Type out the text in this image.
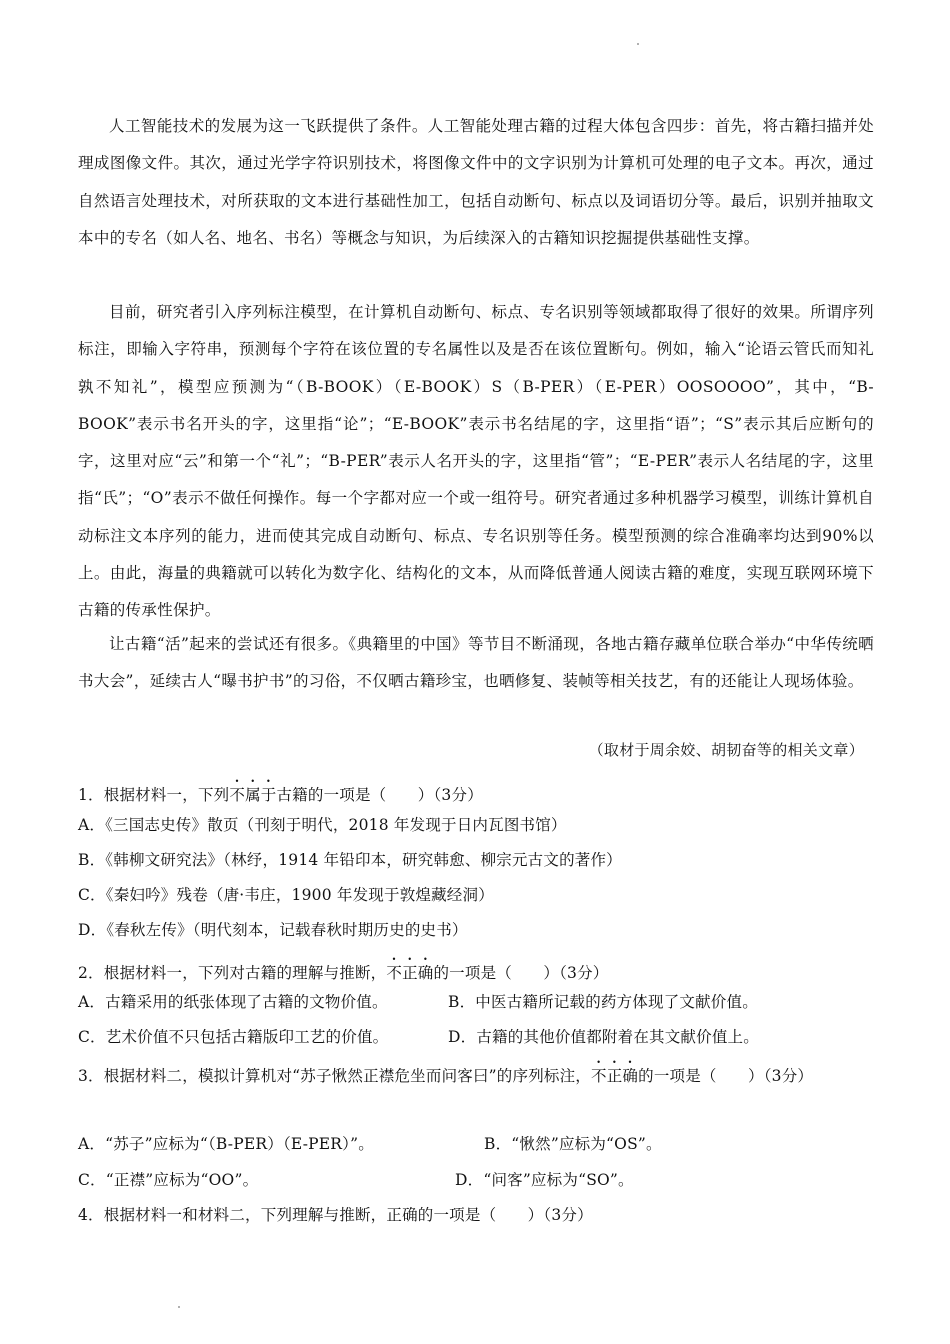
人工智能技术的发展为这一飞跃提供了条件。人工智能处理古籍的过程大体包含四步：首先，将古籍扫描并处理成图像文件。其次，通过光学字符识别技术，将图像文件中的文字识别为计算机可处理的电子文本。再次，通过自然语言处理技术，对所获取的文本进行基础性加工，包括自动断句、标点以及词语切分等。最后，识别并抽取文本中的专名（如人名、地名、书名）等概念与知识，为后续深入的古籍知识挖掘提供基础性支撑。

目前，研究者引入序列标注模型，在计算机自动断句、标点、专名识别等领域都取得了很好的效果。所谓序列标注，即输入字符串，预测每个字符在该位置的专名属性以及是否在该位置断句。例如，输入“论语云管氏而知礼孰不知礼”，模型应预测为“（B-BOOK）（E-BOOK）S（B-PER）（E-PER）OOSOOOO”，其中，“B-BOOK”表示书名开头的字，这里指“论”；“E-BOOK”表示书名结尾的字，这里指“语”；“S”表示其后应断句的字，这里对应“云”和第一个“礼”；“B-PER”表示人名开头的字，这里指“管”；“E-PER”表示人名结尾的字，这里指“氏”；“O”表示不做任何操作。每一个字都对应一个或一组符号。研究者通过多种机器学习模型，训练计算机自动标注文本序列的能力，进而使其完成自动断句、标点、专名识别等任务。模型预测的综合准确率均达到90%以上。由此，海量的典籍就可以转化为数字化、结构化的文本，从而降低普通人阅读古籍的难度，实现互联网环境下古籍的传承性保护。

让古籍“活”起来的尝试还有很多。《典籍里的中国》等节目不断涌现，各地古籍存藏单位联合举办“中华传统晒书大会”，延续古人“曝书护书”的习俗，不仅晒古籍珍宝，也晒修复、装帧等相关技艺，有的还能让人现场体验。

（取材于周余姣、胡韧奋等的相关文章）

1．根据材料一，下列不属于古籍的一项是（　　）（3分）

A．《三国志史传》散页（刊刻于明代，2018 年发现于日内瓦图书馆）

B．《韩柳文研究法》（林纾，1914 年铅印本，研究韩愈、柳宗元古文的著作）

C．《秦妇吟》残卷（唐·韦庄，1900 年发现于敦煌藏经洞）

D．《春秋左传》（明代刻本，记载春秋时期历史的史书）

2．根据材料一，下列对古籍的理解与推断，不正确的一项是（　　）（3分）

A．古籍采用的纸张体现了古籍的文物价值。	B．中医古籍所记载的药方体现了文献价值。

C．艺术价值不只包括古籍版印工艺的价值。	D．古籍的其他价值都附着在其文献价值上。

3．根据材料二，模拟计算机对“苏子愀然正襟危坐而问客曰”的序列标注，不正确的一项是（　　）（3分）

A．“苏子”应标为“（B-PER）（E-PER）”。	B．“愀然”应标为“OS”。

C．“正襟”应标为“OO”。	D．“问客”应标为“SO”。

4．根据材料一和材料二，下列理解与推断，正确的一项是（　　）（3分）
